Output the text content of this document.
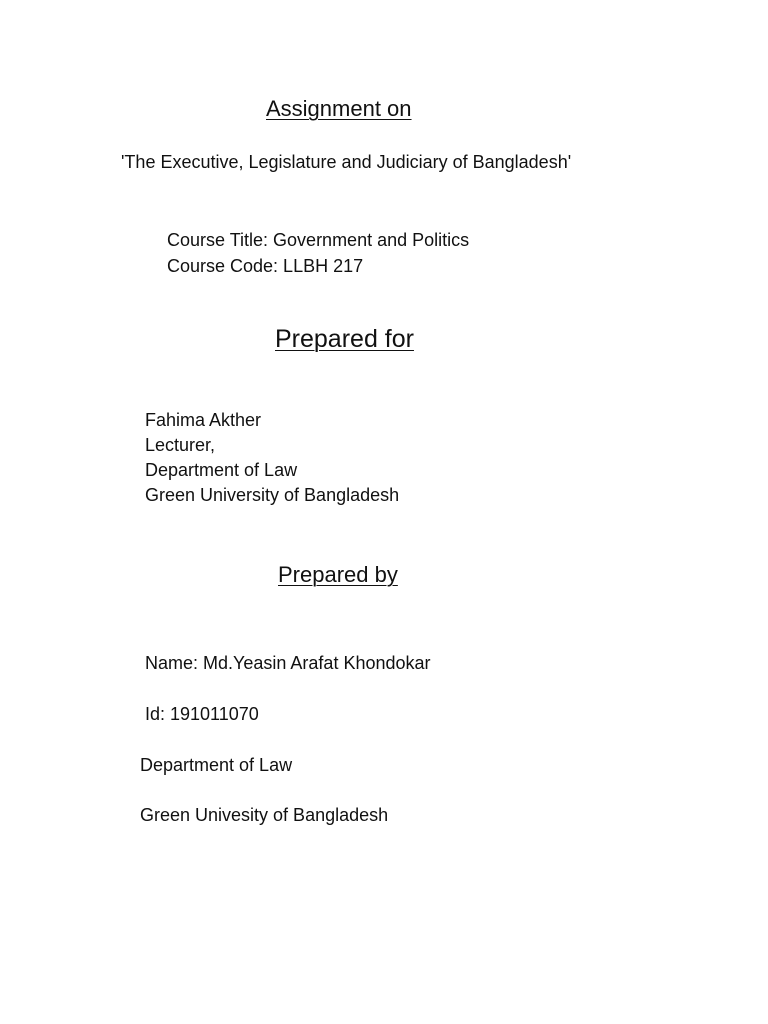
Assignment on
'The Executive, Legislature and Judiciary of Bangladesh'
Course Title: Government and Politics
Course Code: LLBH 217
Prepared for
Fahima Akther
Lecturer,
Department of Law
Green University of Bangladesh
Prepared by
Name: Md.Yeasin Arafat Khondokar
Id: 191011070
Department of Law
Green Univesity of Bangladesh
